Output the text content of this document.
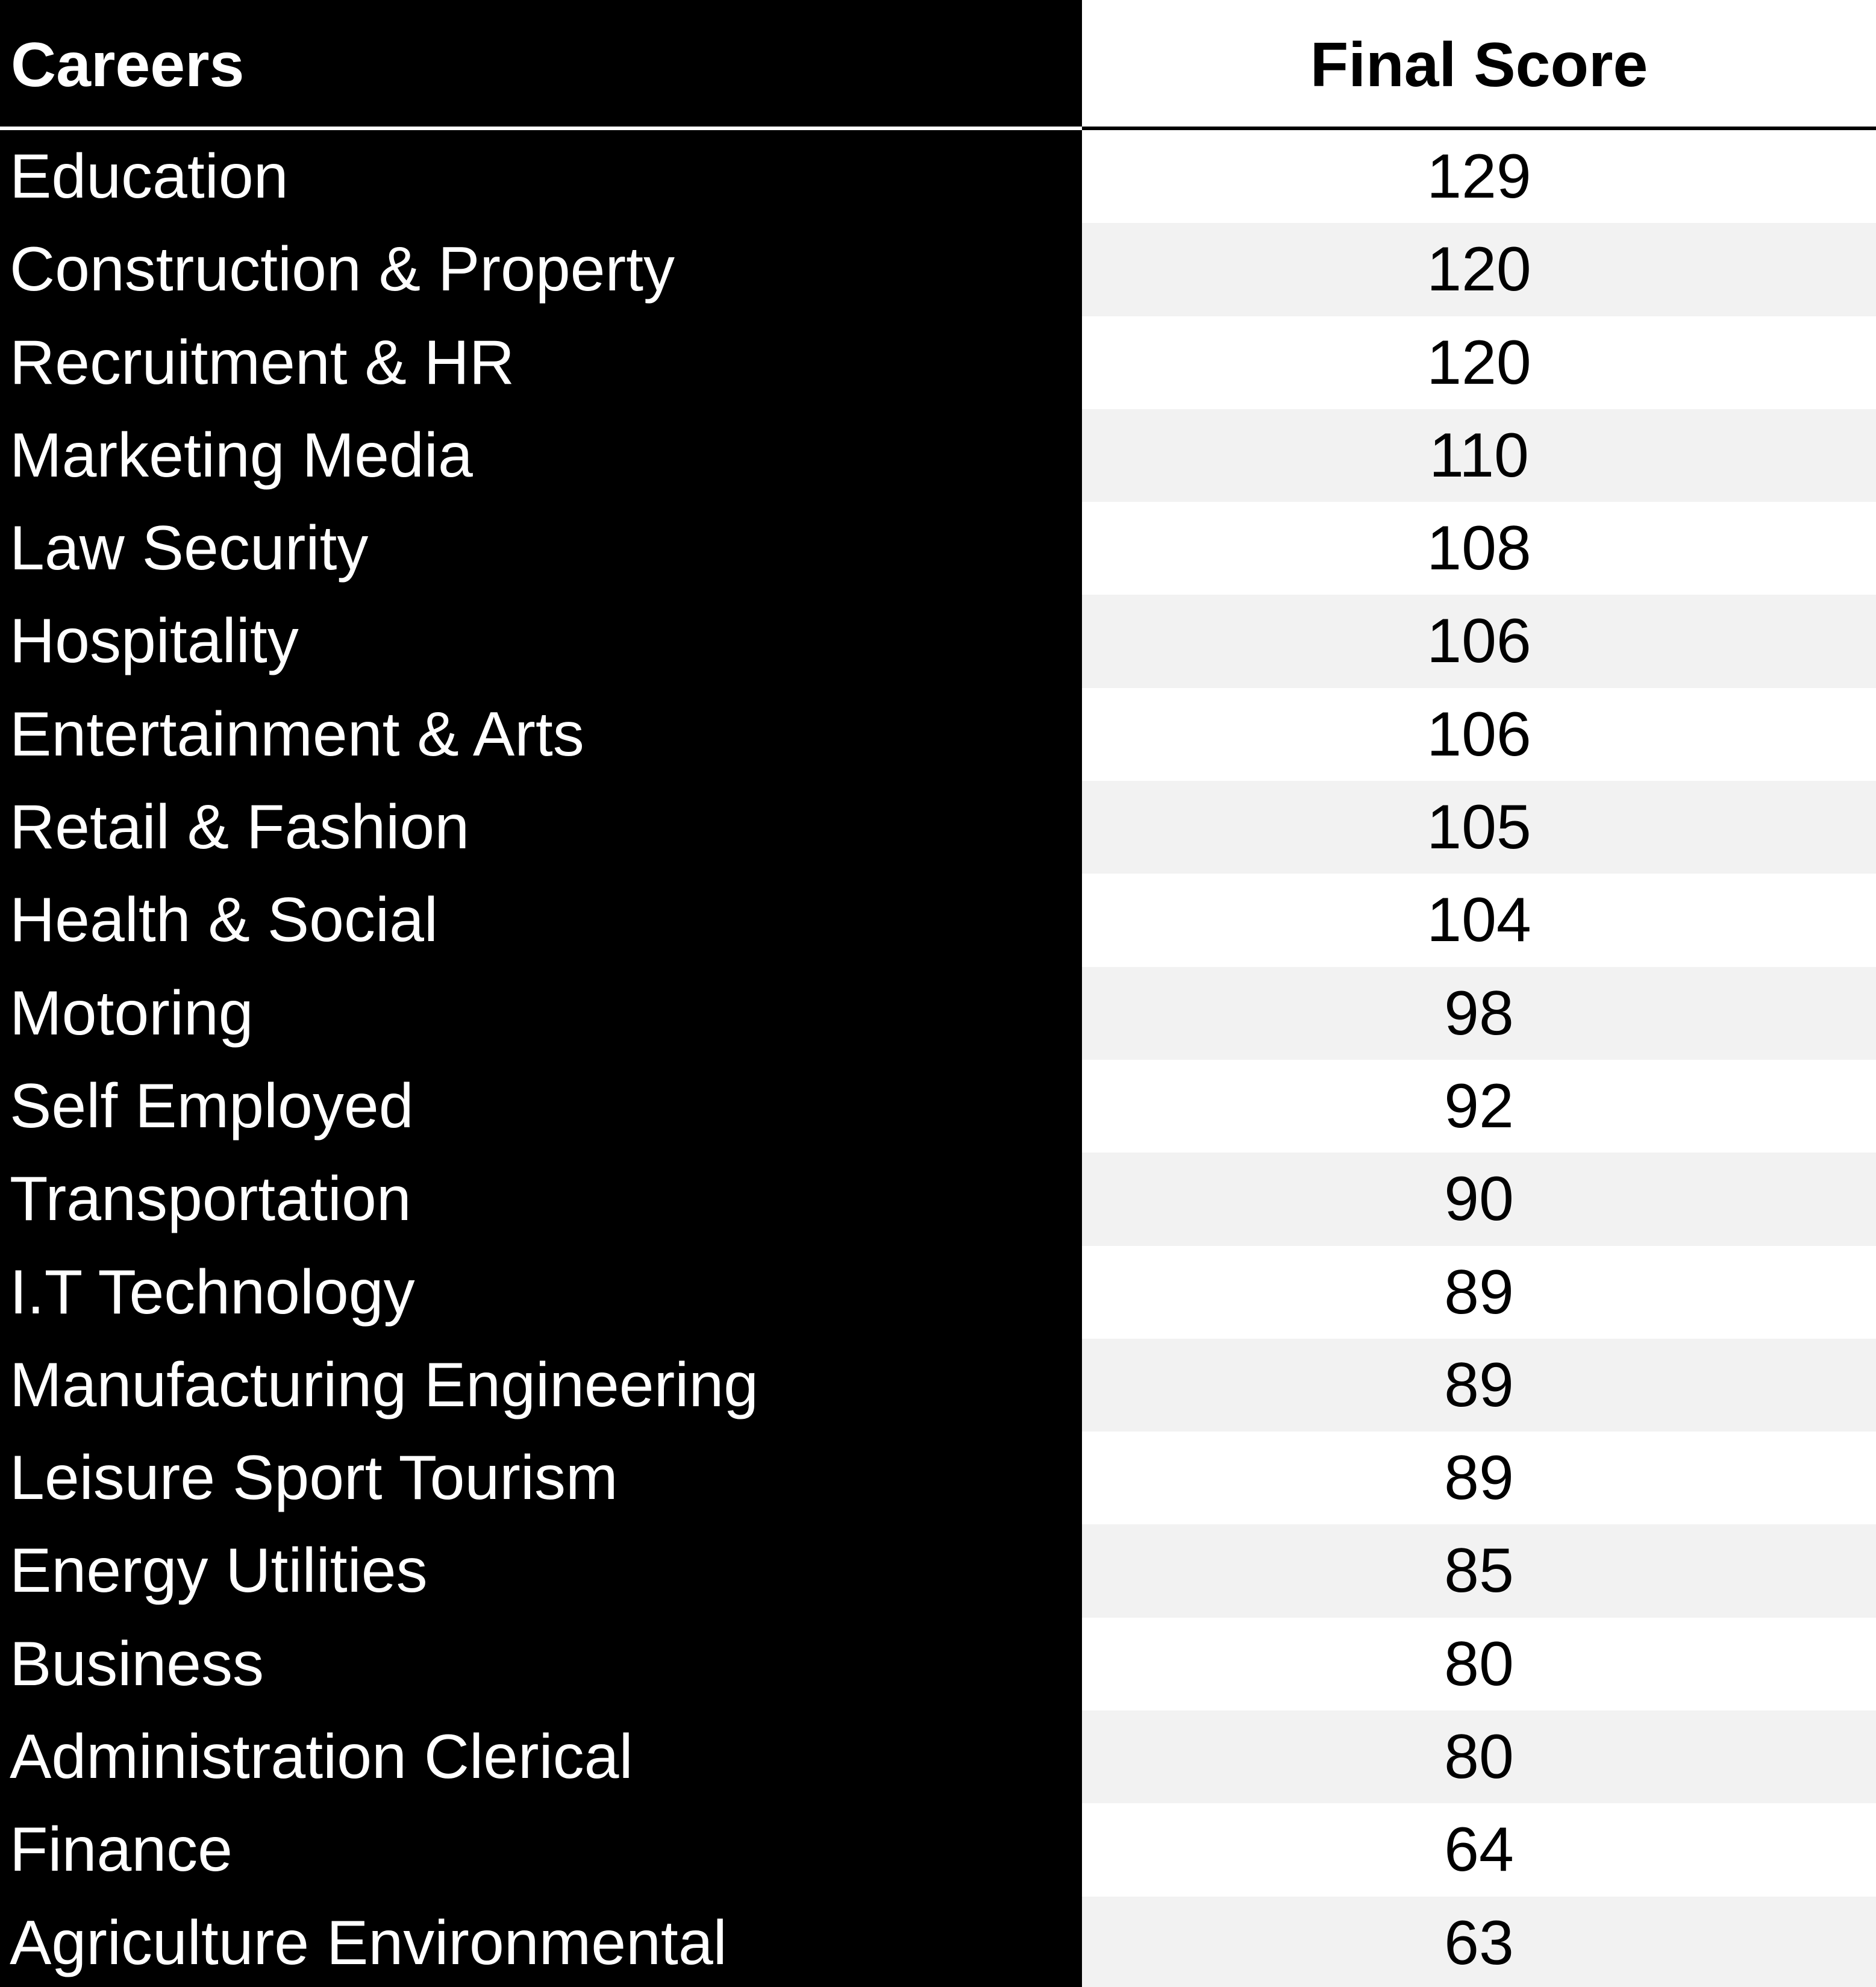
Careers	Final Score
Education	129
Construction & Property	120
Recruitment & HR	120
Marketing Media	110
Law Security	108
Hospitality	106
Entertainment & Arts	106
Retail & Fashion	105
Health & Social	104
Motoring	98
Self Employed	92
Transportation	90
I.T Technology	89
Manufacturing Engineering	89
Leisure Sport Tourism	89
Energy Utilities	85
Business	80
Administration Clerical	80
Finance	64
Agriculture Environmental	63
